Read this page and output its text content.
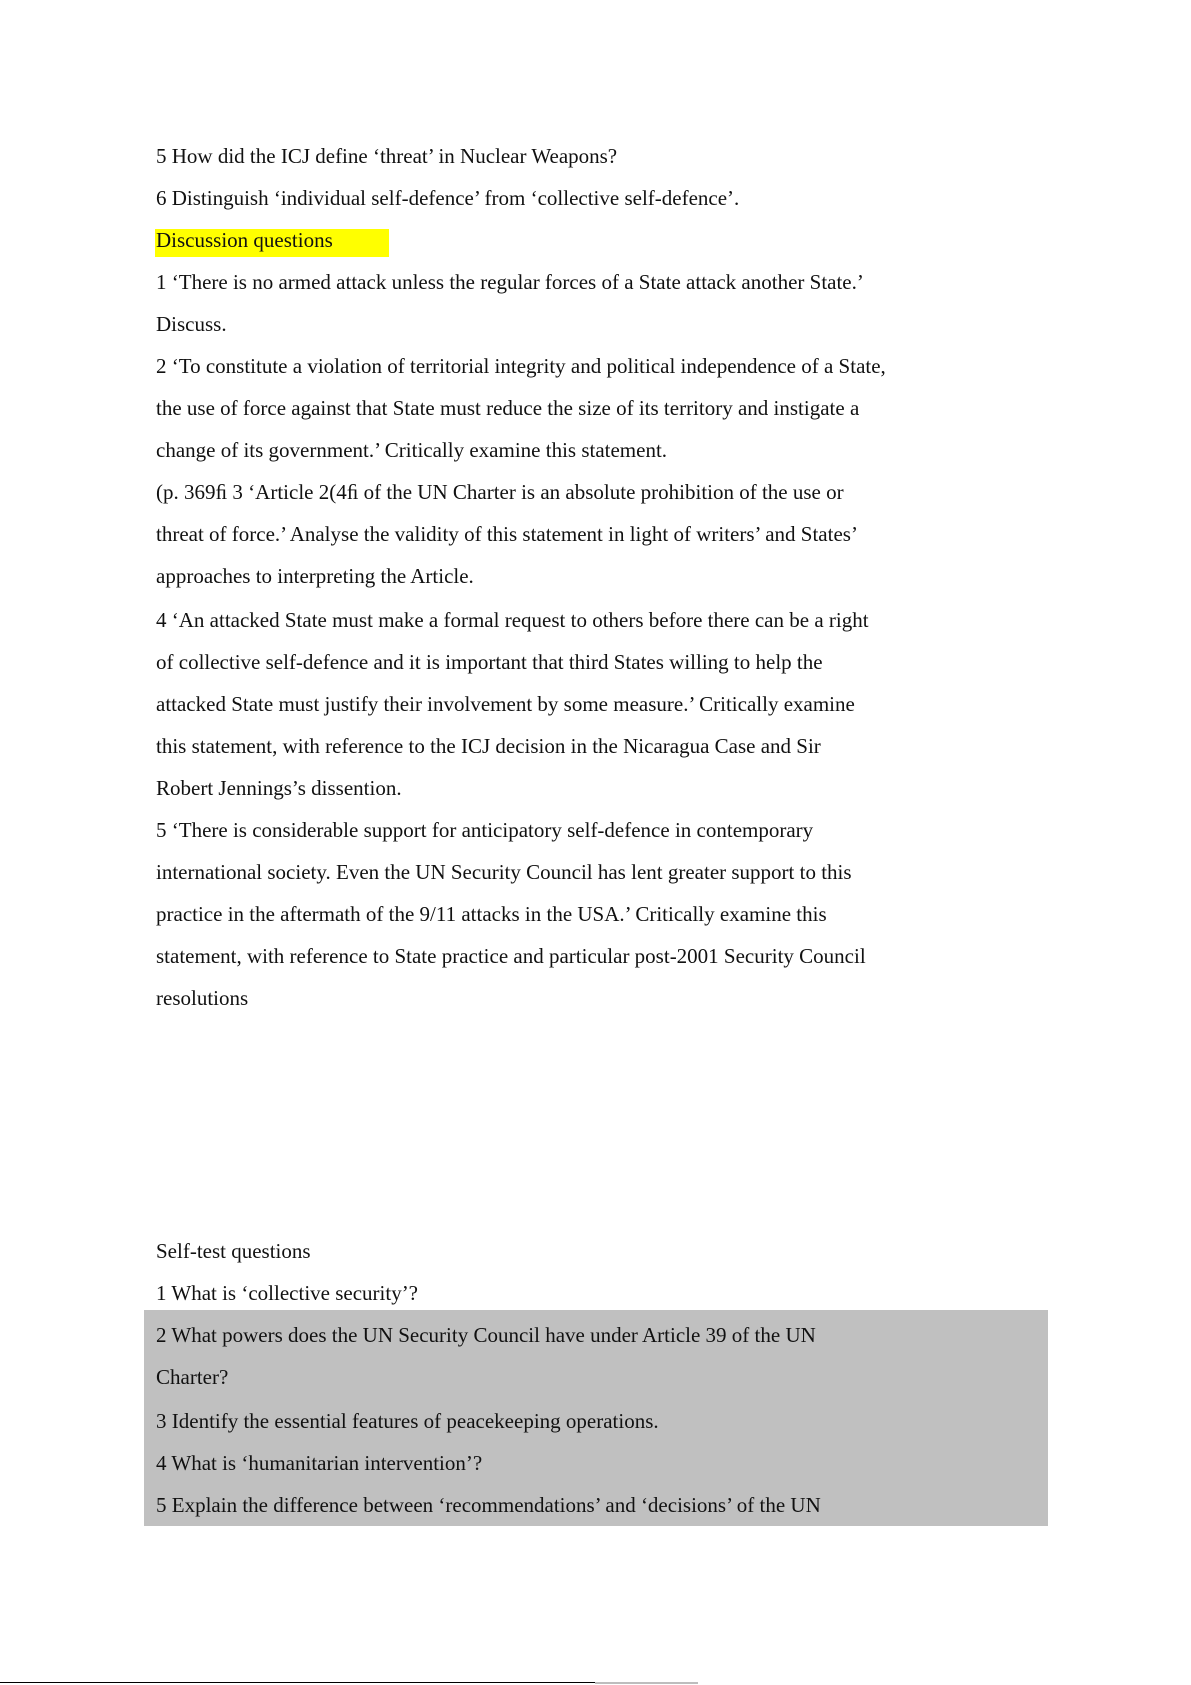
5 How did the ICJ define ‘threat’ in Nuclear Weapons?
6 Distinguish ‘individual self-defence’ from ‘collective self-defence’.
Discussion questions
1 ‘There is no armed attack unless the regular forces of a State attack another State.’
Discuss.
2 ‘To constitute a violation of territorial integrity and political independence of a State,
the use of force against that State must reduce the size of its territory and instigate a
change of its government.’ Critically examine this statement.
(p. 369ﬁ 3 ‘Article 2(4ﬁ of the UN Charter is an absolute prohibition of the use or
threat of force.’ Analyse the validity of this statement in light of writers’ and States’
approaches to interpreting the Article.
4 ‘An attacked State must make a formal request to others before there can be a right
of collective self-defence and it is important that third States willing to help the
attacked State must justify their involvement by some measure.’ Critically examine
this statement, with reference to the ICJ decision in the Nicaragua Case and Sir
Robert Jennings’s dissention.
5 ‘There is considerable support for anticipatory self-defence in contemporary
international society. Even the UN Security Council has lent greater support to this
practice in the aftermath of the 9/11 attacks in the USA.’ Critically examine this
statement, with reference to State practice and particular post-2001 Security Council
resolutions
Self-test questions
1 What is ‘collective security’?
2 What powers does the UN Security Council have under Article 39 of the UN
Charter?
3 Identify the essential features of peacekeeping operations.
4 What is ‘humanitarian intervention’?
5 Explain the difference between ‘recommendations’ and ‘decisions’ of the UN
